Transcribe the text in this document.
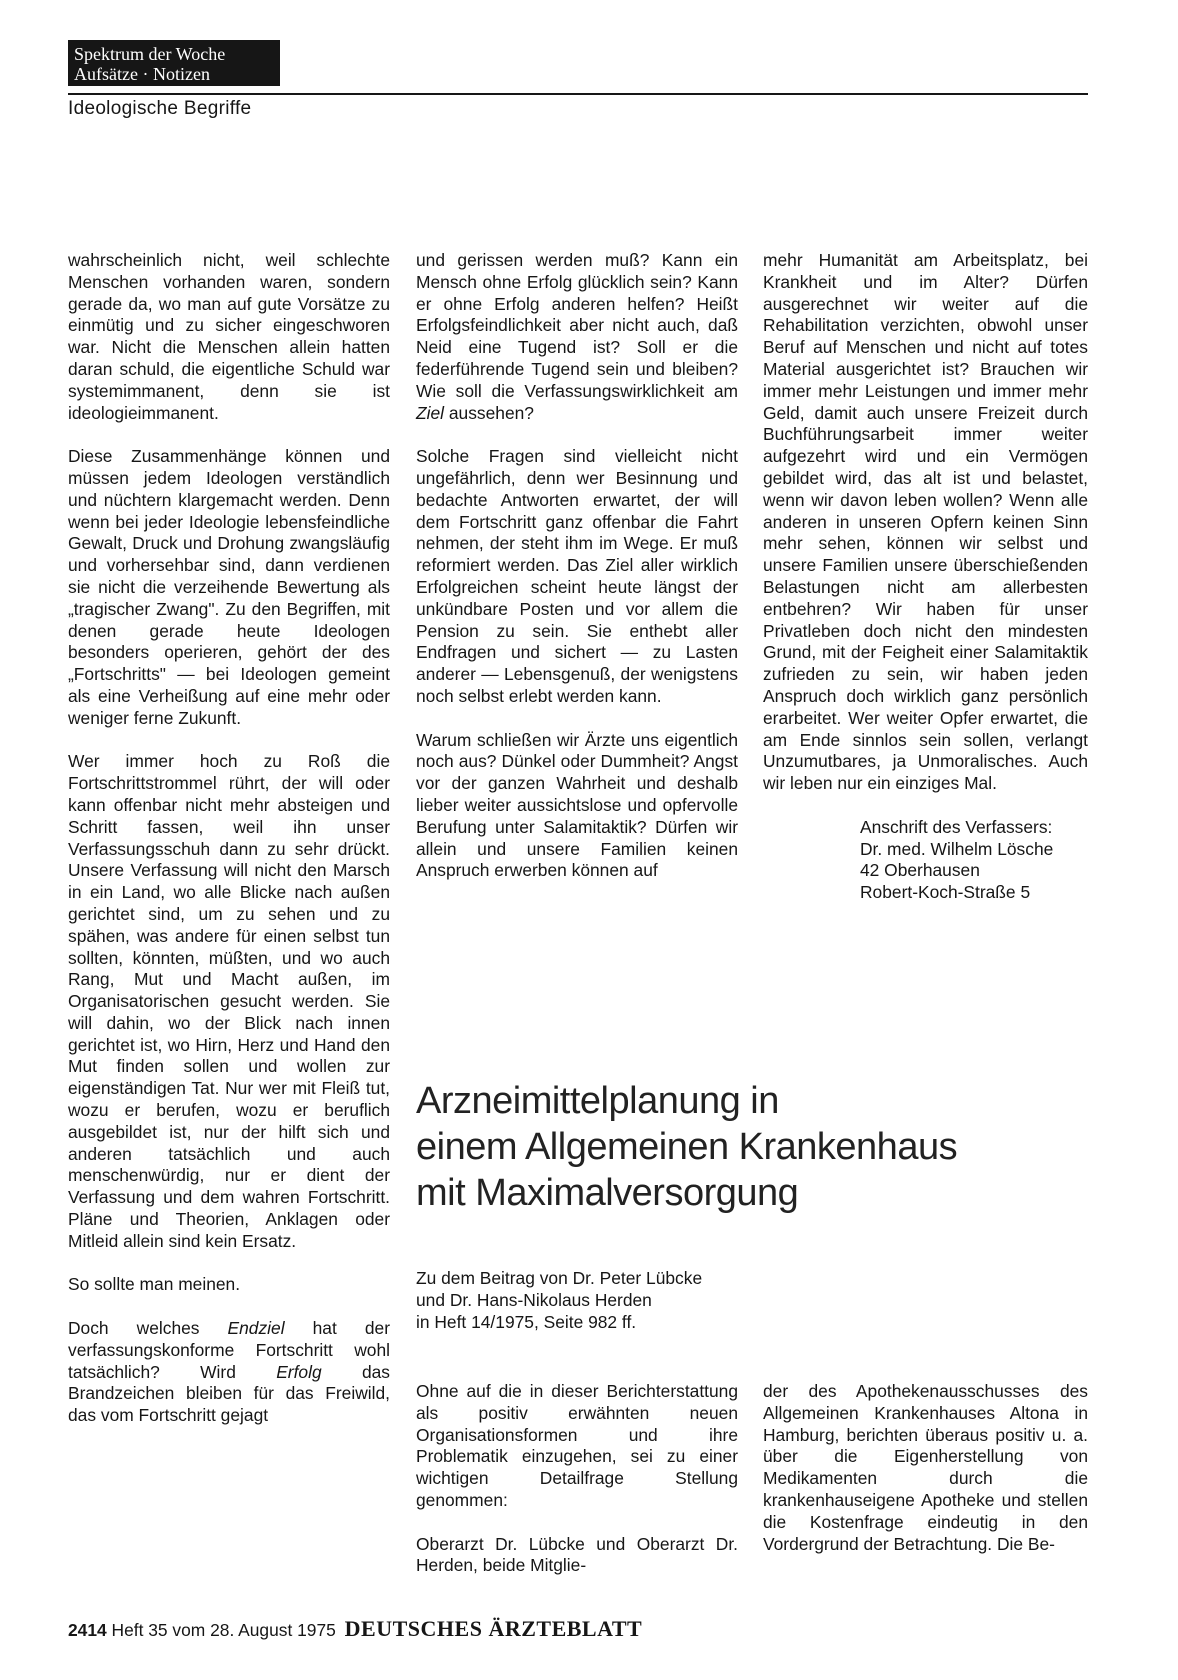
Spektrum der Woche
Aufsätze · Notizen
Ideologische Begriffe

wahrscheinlich nicht, weil schlechte Menschen vorhanden waren, sondern gerade da, wo man auf gute Vorsätze zu einmütig und zu sicher eingeschworen war. Nicht die Menschen allein hatten daran schuld, die eigentliche Schuld war systemimmanent, denn sie ist ideologieimmanent.

Diese Zusammenhänge können und müssen jedem Ideologen verständlich und nüchtern klargemacht werden. Denn wenn bei jeder Ideologie lebensfeindliche Gewalt, Druck und Drohung zwangsläufig und vorhersehbar sind, dann verdienen sie nicht die verzeihende Bewertung als „tragischer Zwang". Zu den Begriffen, mit denen gerade heute Ideologen besonders operieren, gehört der des „Fortschritts" — bei Ideologen gemeint als eine Verheißung auf eine mehr oder weniger ferne Zukunft.

Wer immer hoch zu Roß die Fortschrittstrommel rührt, der will oder kann offenbar nicht mehr absteigen und Schritt fassen, weil ihn unser Verfassungsschuh dann zu sehr drückt. Unsere Verfassung will nicht den Marsch in ein Land, wo alle Blicke nach außen gerichtet sind, um zu sehen und zu spähen, was andere für einen selbst tun sollten, könnten, müßten, und wo auch Rang, Mut und Macht außen, im Organisatorischen gesucht werden. Sie will dahin, wo der Blick nach innen gerichtet ist, wo Hirn, Herz und Hand den Mut finden sollen und wollen zur eigenständigen Tat. Nur wer mit Fleiß tut, wozu er berufen, wozu er beruflich ausgebildet ist, nur der hilft sich und anderen tatsächlich und auch menschenwürdig, nur er dient der Verfassung und dem wahren Fortschritt. Pläne und Theorien, Anklagen oder Mitleid allein sind kein Ersatz.

So sollte man meinen.

Doch welches Endziel hat der verfassungskonforme Fortschritt wohl tatsächlich? Wird Erfolg das Brandzeichen bleiben für das Freiwild, das vom Fortschritt gejagt

und gerissen werden muß? Kann ein Mensch ohne Erfolg glücklich sein? Kann er ohne Erfolg anderen helfen? Heißt Erfolgsfeindlichkeit aber nicht auch, daß Neid eine Tugend ist? Soll er die federführende Tugend sein und bleiben? Wie soll die Verfassungswirklichkeit am Ziel aussehen?

Solche Fragen sind vielleicht nicht ungefährlich, denn wer Besinnung und bedachte Antworten erwartet, der will dem Fortschritt ganz offenbar die Fahrt nehmen, der steht ihm im Wege. Er muß reformiert werden. Das Ziel aller wirklich Erfolgreichen scheint heute längst der unkündbare Posten und vor allem die Pension zu sein. Sie enthebt aller Endfragen und sichert — zu Lasten anderer — Lebensgenuß, der wenigstens noch selbst erlebt werden kann.

Warum schließen wir Ärzte uns eigentlich noch aus? Dünkel oder Dummheit? Angst vor der ganzen Wahrheit und deshalb lieber weiter aussichtslose und opfervolle Berufung unter Salamitaktik? Dürfen wir allein und unsere Familien keinen Anspruch erwerben können auf

mehr Humanität am Arbeitsplatz, bei Krankheit und im Alter? Dürfen ausgerechnet wir weiter auf die Rehabilitation verzichten, obwohl unser Beruf auf Menschen und nicht auf totes Material ausgerichtet ist? Brauchen wir immer mehr Leistungen und immer mehr Geld, damit auch unsere Freizeit durch Buchführungsarbeit immer weiter aufgezehrt wird und ein Vermögen gebildet wird, das alt ist und belastet, wenn wir davon leben wollen? Wenn alle anderen in unseren Opfern keinen Sinn mehr sehen, können wir selbst und unsere Familien unsere überschießenden Belastungen nicht am allerbesten entbehren? Wir haben für unser Privatleben doch nicht den mindesten Grund, mit der Feigheit einer Salamitaktik zufrieden zu sein, wir haben jeden Anspruch doch wirklich ganz persönlich erarbeitet. Wer weiter Opfer erwartet, die am Ende sinnlos sein sollen, verlangt Unzumutbares, ja Unmoralisches. Auch wir leben nur ein einziges Mal.

Anschrift des Verfassers:
Dr. med. Wilhelm Lösche
42 Oberhausen
Robert-Koch-Straße 5
Arzneimittelplanung in
einem Allgemeinen Krankenhaus
mit Maximalversorgung
Zu dem Beitrag von Dr. Peter Lübcke
und Dr. Hans-Nikolaus Herden
in Heft 14/1975, Seite 982 ff.

Ohne auf die in dieser Berichterstattung als positiv erwähnten neuen Organisationsformen und ihre Problematik einzugehen, sei zu einer wichtigen Detailfrage Stellung genommen:

Oberarzt Dr. Lübcke und Oberarzt Dr. Herden, beide Mitglie-

der des Apothekenausschusses des Allgemeinen Krankenhauses Altona in Hamburg, berichten überaus positiv u. a. über die Eigenherstellung von Medikamenten durch die krankenhauseigene Apotheke und stellen die Kostenfrage eindeutig in den Vordergrund der Betrachtung. Die Be-

2414 Heft 35 vom 28. August 1975 DEUTSCHES ÄRZTEBLATT
